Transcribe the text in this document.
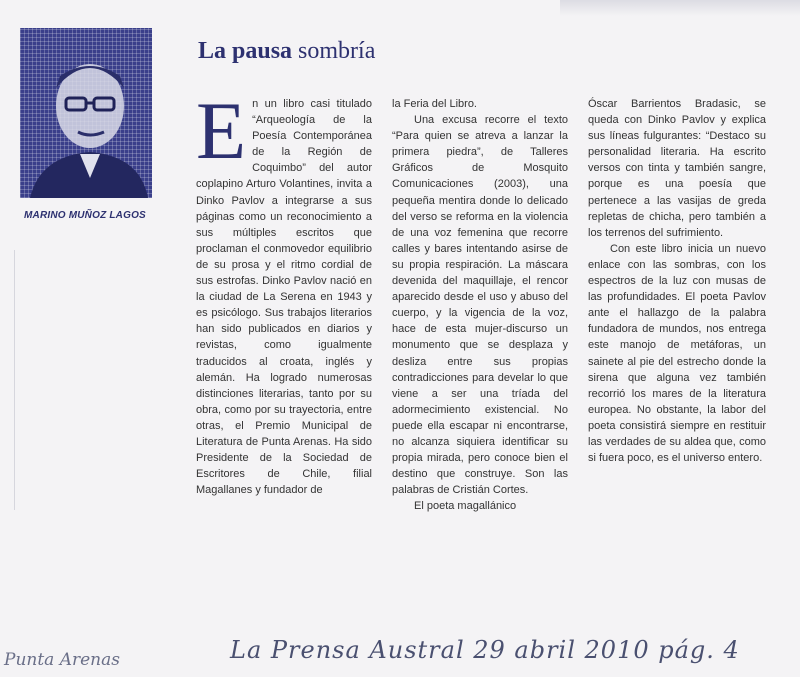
MARINO MUÑOZ LAGOS
La pausa sombría
E n un libro casi titulado “Arqueología de la Poesía Contemporánea de la Región de Coquimbo” del autor coplapino Arturo Volantines, invita a Dinko Pavlov a integrarse a sus páginas como un reconocimiento a sus múltiples escritos que proclaman el conmovedor equilibrio de su prosa y el ritmo cordial de sus estrofas. Dinko Pavlov nació en la ciudad de La Serena en 1943 y es psicólogo. Sus trabajos literarios han sido publicados en diarios y revistas, como igualmente traducidos al croata, inglés y alemán. Ha logrado numerosas distinciones literarias, tanto por su obra, como por su trayectoria, entre otras, el Premio Municipal de Literatura de Punta Arenas. Ha sido Presidente de la Sociedad de Escritores de Chile, filial Magallanes y fundador de

la Feria del Libro.

Una excusa recorre el texto “Para quien se atreva a lanzar la primera piedra”, de Talleres Gráficos de Mosquito Comunicaciones (2003), una pequeña mentira donde lo delicado del verso se reforma en la violencia de una voz femenina que recorre calles y bares intentando asirse de su propia respiración. La máscara devenida del maquillaje, el rencor aparecido desde el uso y abuso del cuerpo, y la vigencia de la voz, hace de esta mujer-discurso un monumento que se desplaza y desliza entre sus propias contradicciones para develar lo que viene a ser una tríada del adormecimiento existencial. No puede ella escapar ni encontrarse, no alcanza siquiera identificar su propia mirada, pero conoce bien el destino que construye. Son las palabras de Cristián Cortes.

El poeta magallánico

Óscar Barrientos Bradasic, se queda con Dinko Pavlov y explica sus líneas fulgurantes: “Destaco su personalidad literaria. Ha escrito versos con tinta y también sangre, porque es una poesía que pertenece a las vasijas de greda repletas de chicha, pero también a los terrenos del sufrimiento.

Con este libro inicia un nuevo enlace con las sombras, con los espectros de la luz con musas de las profundidades. El poeta Pavlov ante el hallazgo de la palabra fundadora de mundos, nos entrega este manojo de metáforas, un sainete al pie del estrecho donde la sirena que alguna vez también recorrió los mares de la literatura europea. No obstante, la labor del poeta consistirá siempre en restituir las verdades de su aldea que, como si fuera poco, es el universo entero.

La Prensa Austral 29 abril 2010 pág. 4
Punta Arenas
